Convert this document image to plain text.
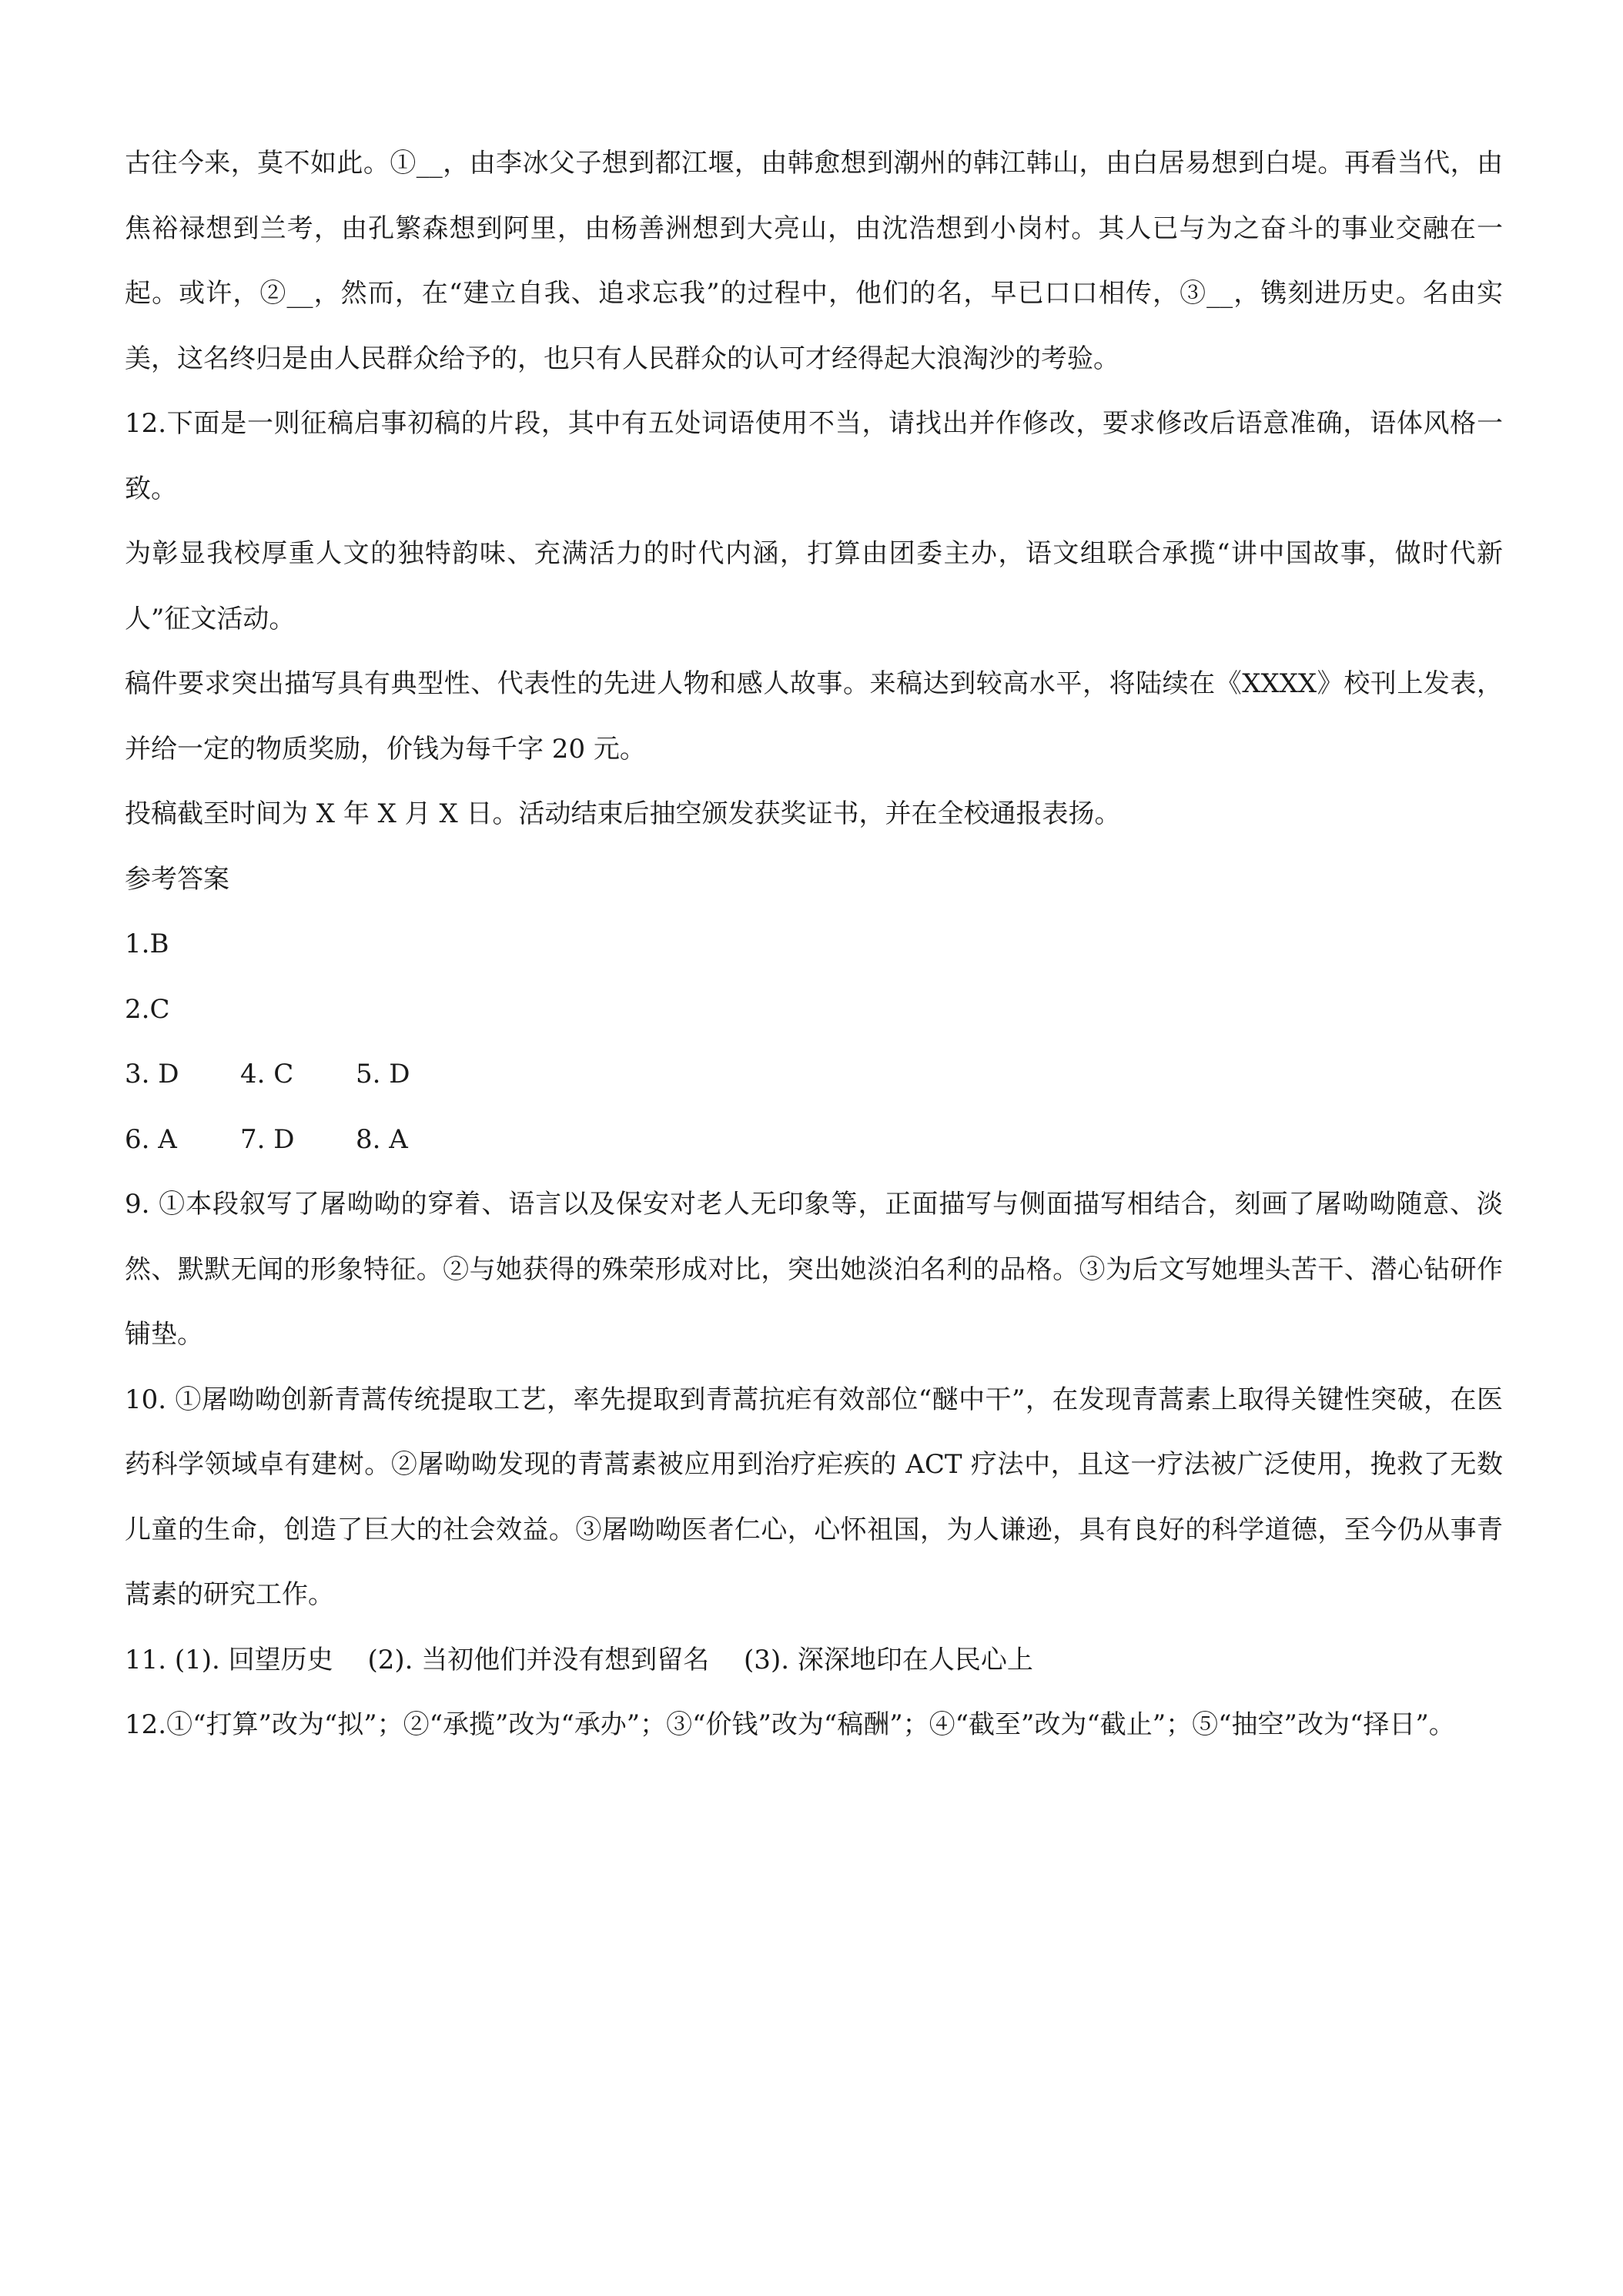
古往今来，莫不如此。①__，由李冰父子想到都江堰，由韩愈想到潮州的韩江韩山，由白居易想到白堤。再看当代，由焦裕禄想到兰考，由孔繁森想到阿里，由杨善洲想到大亮山，由沈浩想到小岗村。其人已与为之奋斗的事业交融在一起。或许，②__，然而，在“建立自我、追求忘我”的过程中，他们的名，早已口口相传，③__，镌刻进历史。名由实美，这名终归是由人民群众给予的，也只有人民群众的认可才经得起大浪淘沙的考验。

12.下面是一则征稿启事初稿的片段，其中有五处词语使用不当，请找出并作修改，要求修改后语意准确，语体风格一致。

为彰显我校厚重人文的独特韵味、充满活力的时代内涵，打算由团委主办，语文组联合承揽“讲中国故事，做时代新人”征文活动。

稿件要求突出描写具有典型性、代表性的先进人物和感人故事。来稿达到较高水平，将陆续在《XXXX》校刊上发表，并给一定的物质奖励，价钱为每千字 20 元。

投稿截至时间为 X 年 X 月 X 日。活动结束后抽空颁发获奖证书，并在全校通报表扬。

参考答案

1.B

2.C

3. D	4. C	5. D

6. A	7. D	8. A

9. ①本段叙写了屠呦呦的穿着、语言以及保安对老人无印象等，正面描写与侧面描写相结合，刻画了屠呦呦随意、淡然、默默无闻的形象特征。②与她获得的殊荣形成对比，突出她淡泊名利的品格。③为后文写她埋头苦干、潜心钻研作铺垫。

10. ①屠呦呦创新青蒿传统提取工艺，率先提取到青蒿抗疟有效部位“醚中干”，在发现青蒿素上取得关键性突破，在医药科学领域卓有建树。②屠呦呦发现的青蒿素被应用到治疗疟疾的 ACT 疗法中，且这一疗法被广泛使用，挽救了无数儿童的生命，创造了巨大的社会效益。③屠呦呦医者仁心，心怀祖国，为人谦逊，具有良好的科学道德，至今仍从事青蒿素的研究工作。

11. (1). 回望历史　 (2). 当初他们并没有想到留名　 (3). 深深地印在人民心上

12.①“打算”改为“拟”；②“承揽”改为“承办”；③“价钱”改为“稿酬”；④“截至”改为“截止”；⑤“抽空”改为“择日”。
